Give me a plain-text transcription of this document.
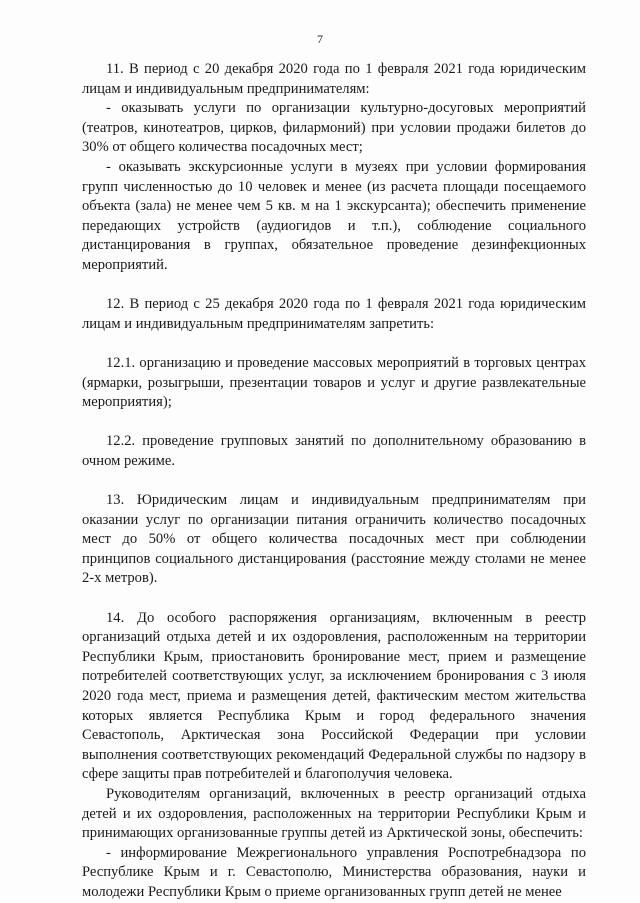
7

11. В период с 20 декабря 2020 года по 1 февраля 2021 года юридическим лицам и индивидуальным предпринимателям:

- оказывать услуги по организации культурно-досуговых мероприятий (театров, кинотеатров, цирков, филармоний) при условии продажи билетов до 30% от общего количества посадочных мест;

- оказывать экскурсионные услуги в музеях при условии формирования групп численностью до 10 человек и менее (из расчета площади посещаемого объекта (зала) не менее чем 5 кв. м на 1 экскурсанта); обеспечить применение передающих устройств (аудиогидов и т.п.), соблюдение социального дистанцирования в группах, обязательное проведение дезинфекционных мероприятий.

12. В период с 25 декабря 2020 года по 1 февраля 2021 года юридическим лицам и индивидуальным предпринимателям запретить:

12.1. организацию и проведение массовых мероприятий в торговых центрах (ярмарки, розыгрыши, презентации товаров и услуг и другие развлекательные мероприятия);

12.2. проведение групповых занятий по дополнительному образованию в очном режиме.

13. Юридическим лицам и индивидуальным предпринимателям при оказании услуг по организации питания ограничить количество посадочных мест до 50% от общего количества посадочных мест при соблюдении принципов социального дистанцирования (расстояние между столами не менее 2-х метров).

14. До особого распоряжения организациям, включенным в реестр организаций отдыха детей и их оздоровления, расположенным на территории Республики Крым, приостановить бронирование мест, прием и размещение потребителей соответствующих услуг, за исключением бронирования с 3 июля 2020 года мест, приема и размещения детей, фактическим местом жительства которых является Республика Крым и город федерального значения Севастополь, Арктическая зона Российской Федерации при условии выполнения соответствующих рекомендаций Федеральной службы по надзору в сфере защиты прав потребителей и благополучия человека.

Руководителям организаций, включенных в реестр организаций отдыха детей и их оздоровления, расположенных на территории Республики Крым и принимающих организованные группы детей из Арктической зоны, обеспечить:

- информирование Межрегионального управления Роспотребнадзора по Республике Крым и г. Севастополю, Министерства образования, науки и молодежи Республики Крым о приеме организованных групп детей не менее
